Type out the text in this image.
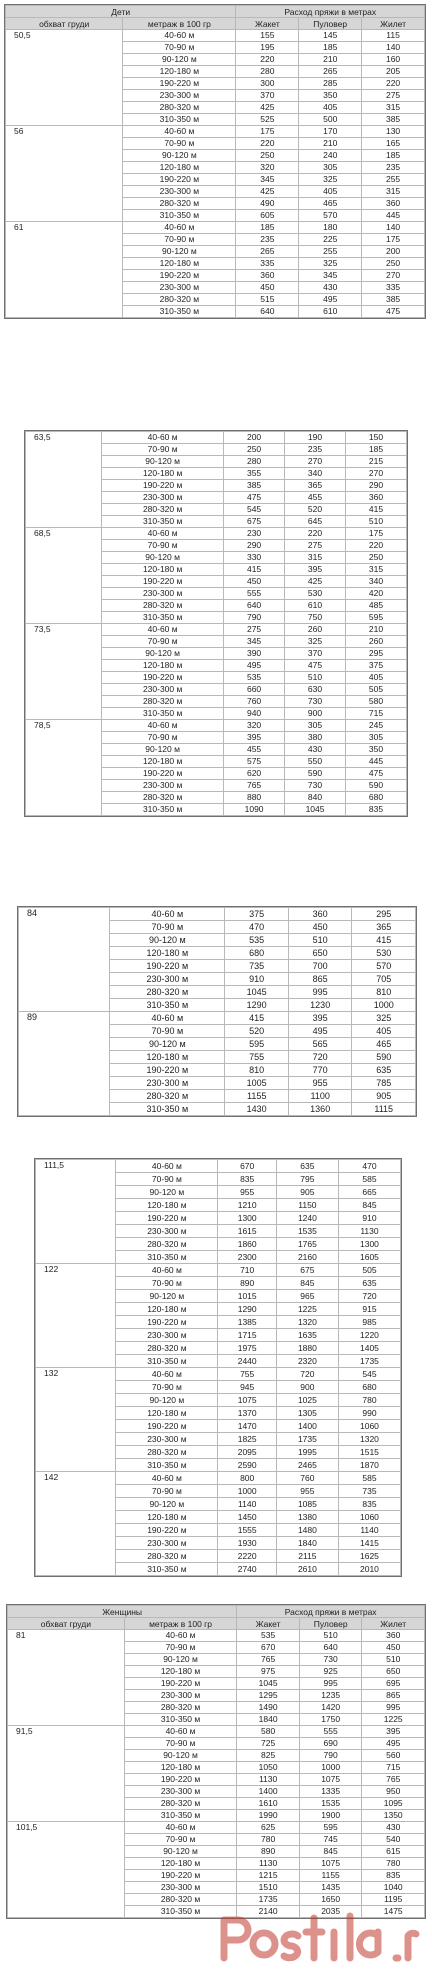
Дети		Расход пряжи в метрах		
обхват груди	метраж в 100 гр	Жакет	Пуловер	Жилет
50,5	40-60 м	155	145	115
	70-90 м	195	185	140
	90-120 м	220	210	160
	120-180 м	280	265	205
	190-220 м	300	285	220
	230-300 м	370	350	275
	280-320 м	425	405	315
	310-350 м	525	500	385
56	40-60 м	175	170	130
	70-90 м	220	210	165
	90-120 м	250	240	185
	120-180 м	320	305	235
	190-220 м	345	325	255
	230-300 м	425	405	315
	280-320 м	490	465	360
	310-350 м	605	570	445
61	40-60 м	185	180	140
	70-90 м	235	225	175
	90-120 м	265	255	200
	120-180 м	335	325	250
	190-220 м	360	345	270
	230-300 м	450	430	335
	280-320 м	515	495	385
	310-350 м	640	610	475
63,5	40-60 м	200	190	150
	70-90 м	250	235	185
	90-120 м	280	270	215
	120-180 м	355	340	270
	190-220 м	385	365	290
	230-300 м	475	455	360
	280-320 м	545	520	415
	310-350 м	675	645	510
68,5	40-60 м	230	220	175
	70-90 м	290	275	220
	90-120 м	330	315	250
	120-180 м	415	395	315
	190-220 м	450	425	340
	230-300 м	555	530	420
	280-320 м	640	610	485
	310-350 м	790	750	595
73,5	40-60 м	275	260	210
	70-90 м	345	325	260
	90-120 м	390	370	295
	120-180 м	495	475	375
	190-220 м	535	510	405
	230-300 м	660	630	505
	280-320 м	760	730	580
	310-350 м	940	900	715
78,5	40-60 м	320	305	245
	70-90 м	395	380	305
	90-120 м	455	430	350
	120-180 м	575	550	445
	190-220 м	620	590	475
	230-300 м	765	730	590
	280-320 м	880	840	680
	310-350 м	1090	1045	835
84	40-60 м	375	360	295
	70-90 м	470	450	365
	90-120 м	535	510	415
	120-180 м	680	650	530
	190-220 м	735	700	570
	230-300 м	910	865	705
	280-320 м	1045	995	810
	310-350 м	1290	1230	1000
89	40-60 м	415	395	325
	70-90 м	520	495	405
	90-120 м	595	565	465
	120-180 м	755	720	590
	190-220 м	810	770	635
	230-300 м	1005	955	785
	280-320 м	1155	1100	905
	310-350 м	1430	1360	1115
111,5	40-60 м	670	635	470
	70-90 м	835	795	585
	90-120 м	955	905	665
	120-180 м	1210	1150	845
	190-220 м	1300	1240	910
	230-300 м	1615	1535	1130
	280-320 м	1860	1765	1300
	310-350 м	2300	2160	1605
122	40-60 м	710	675	505
	70-90 м	890	845	635
	90-120 м	1015	965	720
	120-180 м	1290	1225	915
	190-220 м	1385	1320	985
	230-300 м	1715	1635	1220
	280-320 м	1975	1880	1405
	310-350 м	2440	2320	1735
132	40-60 м	755	720	545
	70-90 м	945	900	680
	90-120 м	1075	1025	780
	120-180 м	1370	1305	990
	190-220 м	1470	1400	1060
	230-300 м	1825	1735	1320
	280-320 м	2095	1995	1515
	310-350 м	2590	2465	1870
142	40-60 м	800	760	585
	70-90 м	1000	955	735
	90-120 м	1140	1085	835
	120-180 м	1450	1380	1060
	190-220 м	1555	1480	1140
	230-300 м	1930	1840	1415
	280-320 м	2220	2115	1625
	310-350 м	2740	2610	2010
Женщины		Расход пряжи в метрах		
обхват груди	метраж в 100 гр	Жакет	Пуловер	Жилет
81	40-60 м	535	510	360
	70-90 м	670	640	450
	90-120 м	765	730	510
	120-180 м	975	925	650
	190-220 м	1045	995	695
	230-300 м	1295	1235	865
	280-320 м	1490	1420	995
	310-350 м	1840	1750	1225
91,5	40-60 м	580	555	395
	70-90 м	725	690	495
	90-120 м	825	790	560
	120-180 м	1050	1000	715
	190-220 м	1130	1075	765
	230-300 м	1400	1335	950
	280-320 м	1610	1535	1095
	310-350 м	1990	1900	1350
101,5	40-60 м	625	595	430
	70-90 м	780	745	540
	90-120 м	890	845	615
	120-180 м	1130	1075	780
	190-220 м	1215	1155	835
	230-300 м	1510	1435	1040
	280-320 м	1735	1650	1195
	310-350 м	2140	2035	1475
